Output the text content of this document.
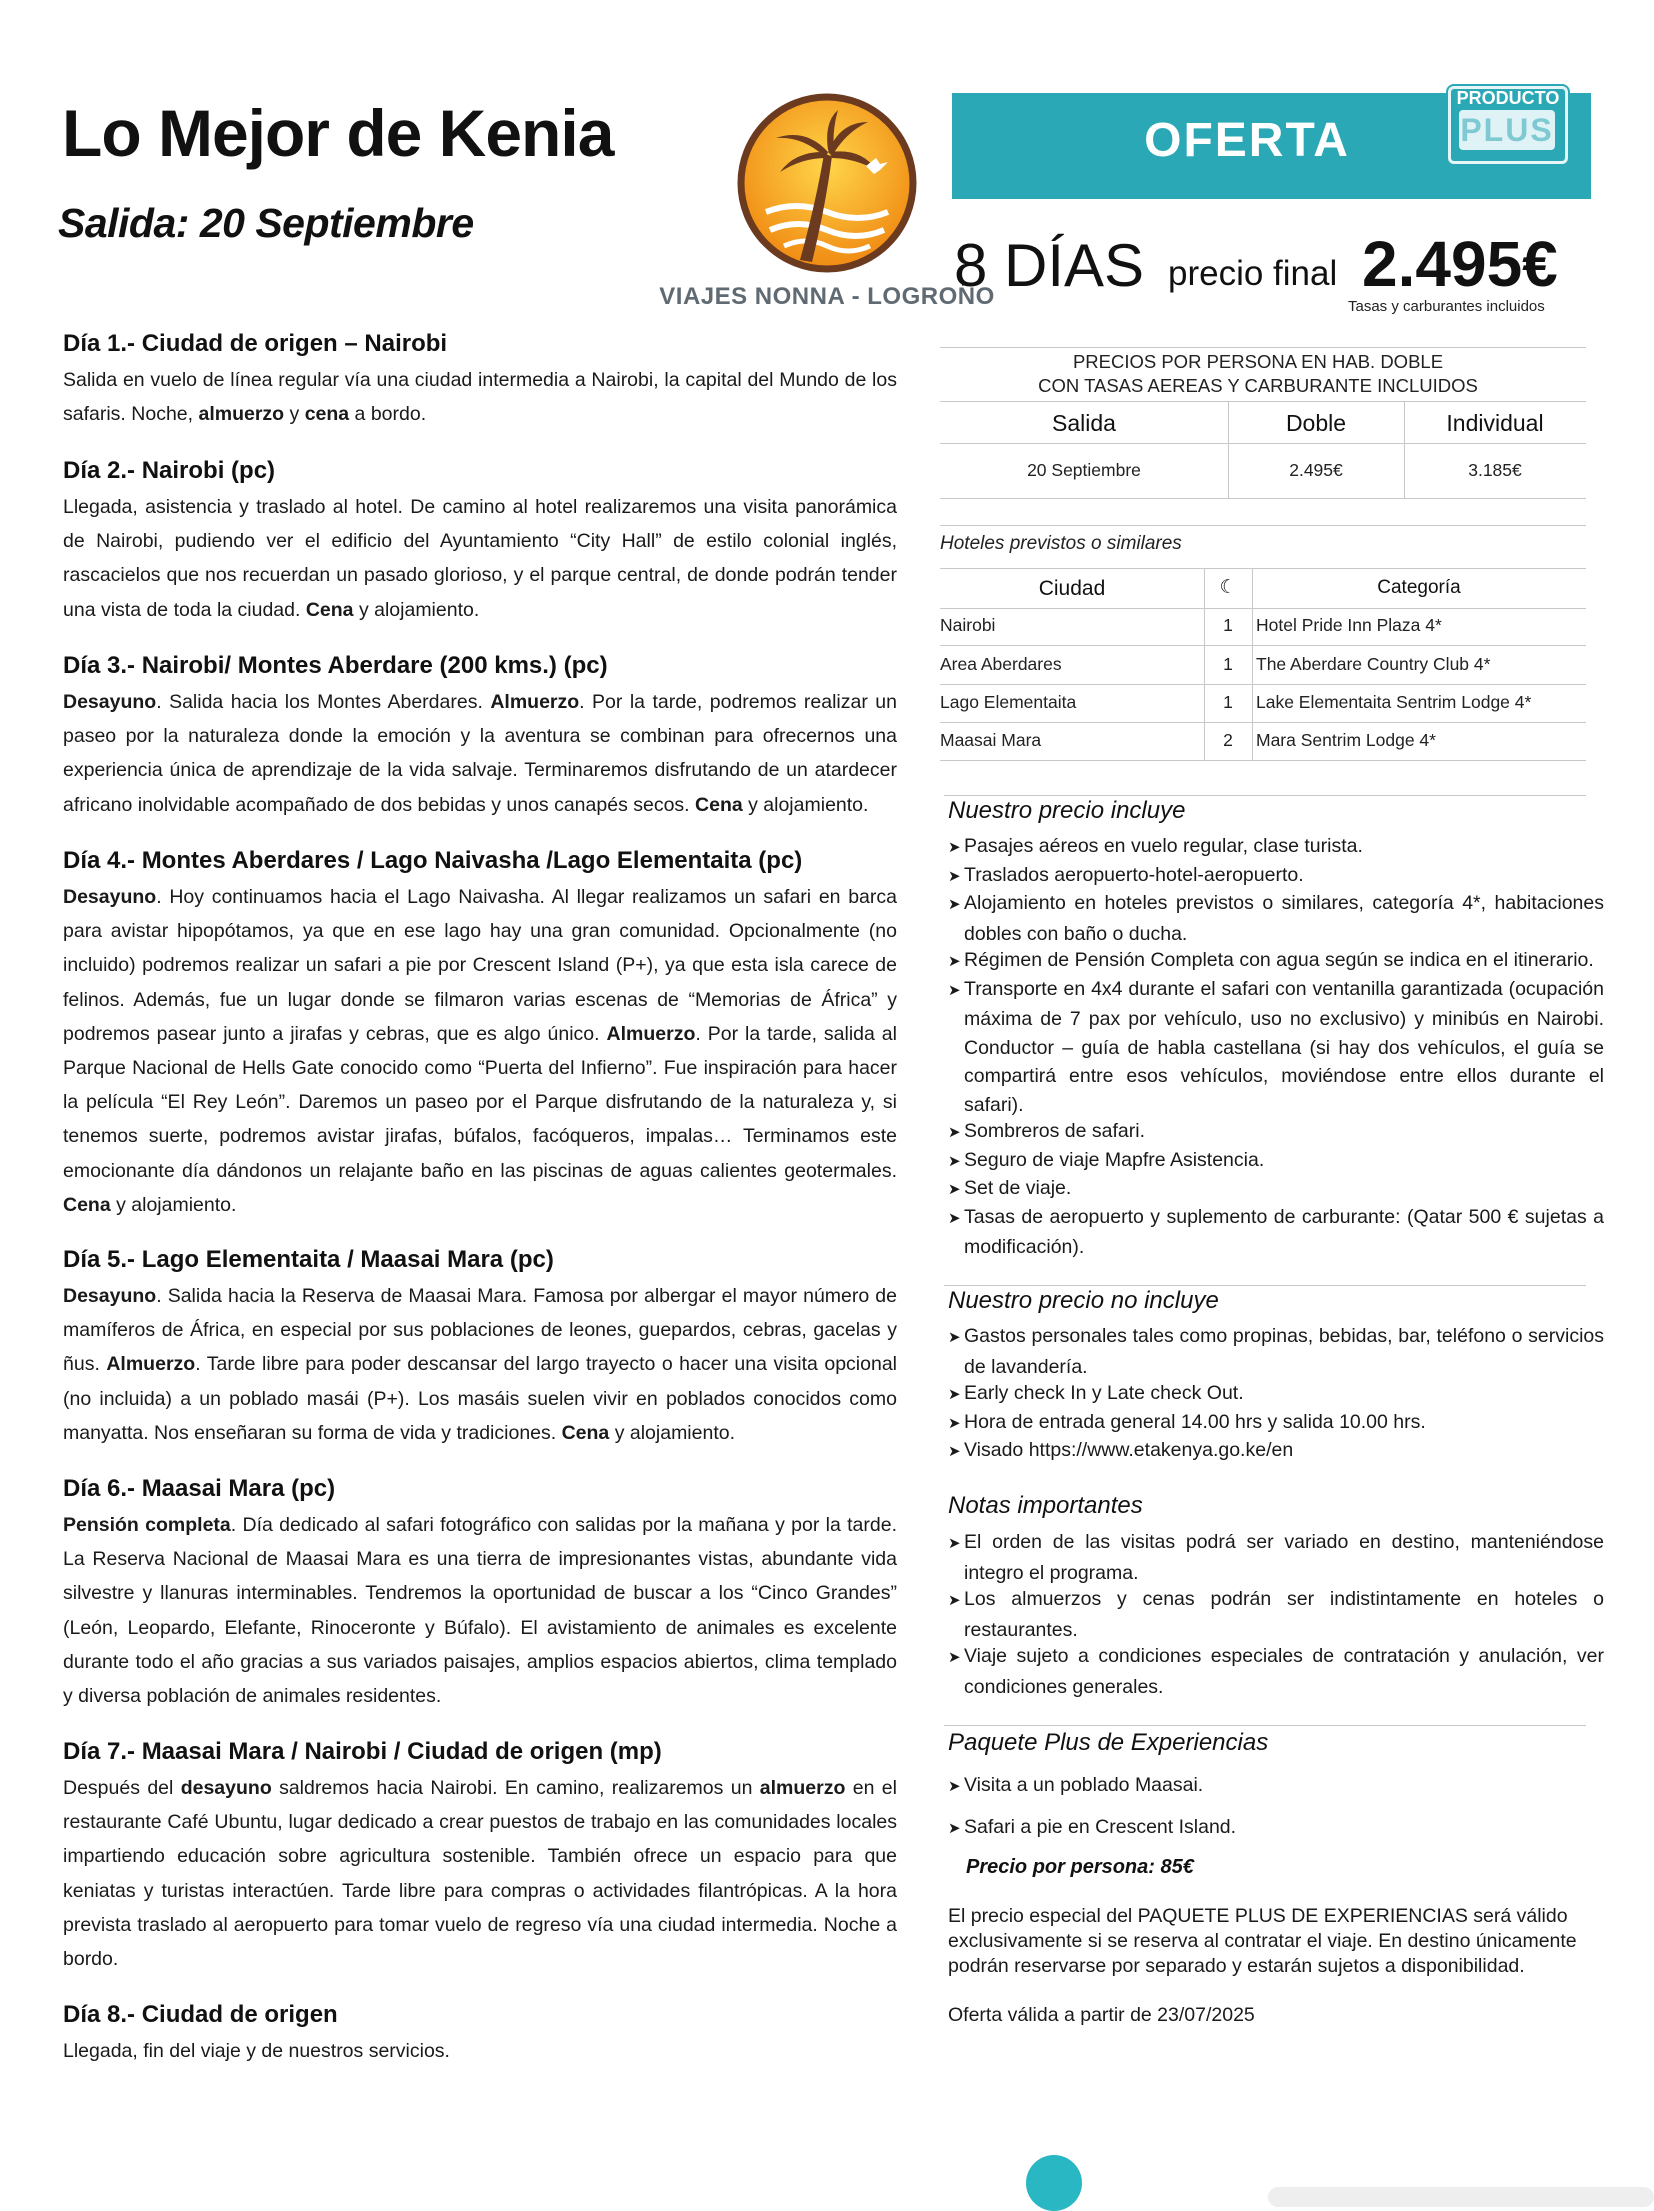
Lo Mejor de Kenia
Salida: 20 Septiembre
VIAJES NONNA - LOGROÑO
OFERTA
PRODUCTO
PLUS
8 DÍAS precio final 2.495€
Tasas y carburantes incluidos
PRECIOS POR PERSONA EN HAB. DOBLE
CON TASAS AEREAS Y CARBURANTE INCLUIDOS
Salida	Doble	Individual
20 Septiembre	2.495€	3.185€
Hoteles previstos o similares
Ciudad	☾	Categoría
Nairobi	1	Hotel Pride Inn Plaza 4*
Area Aberdares	1	The Aberdare Country Club 4*
Lago Elementaita	1	Lake Elementaita Sentrim Lodge 4*
Maasai Mara	2	Mara Sentrim Lodge 4*
Nuestro precio incluye
➤ Pasajes aéreos en vuelo regular, clase turista.
➤ Traslados aeropuerto-hotel-aeropuerto.
➤ Alojamiento en hoteles previstos o similares, categoría 4*, habitaciones dobles con baño o ducha.
➤ Régimen de Pensión Completa con agua según se indica en el itinerario.
➤ Transporte en 4x4 durante el safari con ventanilla garantizada (ocupación máxima de 7 pax por vehículo, uso no exclusivo) y minibús en Nairobi. Conductor – guía de habla castellana (si hay dos vehículos, el guía se compartirá entre esos vehículos, moviéndose entre ellos durante el safari).
➤ Sombreros de safari.
➤ Seguro de viaje Mapfre Asistencia.
➤ Set de viaje.
➤ Tasas de aeropuerto y suplemento de carburante: (Qatar 500 € sujetas a modificación).
Nuestro precio no incluye
➤ Gastos personales tales como propinas, bebidas, bar, teléfono o servicios de lavandería.
➤ Early check In y Late check Out.
➤ Hora de entrada general 14.00 hrs y salida 10.00 hrs.
➤ Visado https://www.etakenya.go.ke/en
Notas importantes
➤ El orden de las visitas podrá ser variado en destino, manteniéndose integro el programa.
➤ Los almuerzos y cenas podrán ser indistintamente en hoteles o restaurantes.
➤ Viaje sujeto a condiciones especiales de contratación y anulación, ver condiciones generales.
Paquete Plus de Experiencias
➤ Visita a un poblado Maasai.
➤ Safari a pie en Crescent Island.
Precio por persona: 85€
El precio especial del PAQUETE PLUS DE EXPERIENCIAS será válido exclusivamente si se reserva al contratar el viaje. En destino únicamente podrán reservarse por separado y estarán sujetos a disponibilidad.
Oferta válida a partir de 23/07/2025
Día 1.- Ciudad de origen – Nairobi
Salida en vuelo de línea regular vía una ciudad intermedia a Nairobi, la capital del Mundo de los safaris. Noche, almuerzo y cena a bordo.
Día 2.- Nairobi (pc)
Llegada, asistencia y traslado al hotel. De camino al hotel realizaremos una visita panorámica de Nairobi, pudiendo ver el edificio del Ayuntamiento “City Hall” de estilo colonial inglés, rascacielos que nos recuerdan un pasado glorioso, y el parque central, de donde podrán tender una vista de toda la ciudad. Cena y alojamiento.
Día 3.- Nairobi/ Montes Aberdare (200 kms.) (pc)
Desayuno. Salida hacia los Montes Aberdares. Almuerzo. Por la tarde, podremos realizar un paseo por la naturaleza donde la emoción y la aventura se combinan para ofrecernos una experiencia única de aprendizaje de la vida salvaje. Terminaremos disfrutando de un atardecer africano inolvidable acompañado de dos bebidas y unos canapés secos. Cena y alojamiento.
Día 4.- Montes Aberdares / Lago Naivasha /Lago Elementaita (pc)
Desayuno. Hoy continuamos hacia el Lago Naivasha. Al llegar realizamos un safari en barca para avistar hipopótamos, ya que en ese lago hay una gran comunidad. Opcionalmente (no incluido) podremos realizar un safari a pie por Crescent Island (P+), ya que esta isla carece de felinos. Además, fue un lugar donde se filmaron varias escenas de “Memorias de África” y podremos pasear junto a jirafas y cebras, que es algo único. Almuerzo. Por la tarde, salida al Parque Nacional de Hells Gate conocido como “Puerta del Infierno”. Fue inspiración para hacer la película “El Rey León”. Daremos un paseo por el Parque disfrutando de la naturaleza y, si tenemos suerte, podremos avistar jirafas, búfalos, facóqueros, impalas… Terminamos este emocionante día dándonos un relajante baño en las piscinas de aguas calientes geotermales. Cena y alojamiento.
Día 5.- Lago Elementaita / Maasai Mara (pc)
Desayuno. Salida hacia la Reserva de Maasai Mara. Famosa por albergar el mayor número de mamíferos de África, en especial por sus poblaciones de leones, guepardos, cebras, gacelas y ñus. Almuerzo. Tarde libre para poder descansar del largo trayecto o hacer una visita opcional (no incluida) a un poblado masái (P+). Los masáis suelen vivir en poblados conocidos como manyatta. Nos enseñaran su forma de vida y tradiciones. Cena y alojamiento.
Día 6.- Maasai Mara (pc)
Pensión completa. Día dedicado al safari fotográfico con salidas por la mañana y por la tarde. La Reserva Nacional de Maasai Mara es una tierra de impresionantes vistas, abundante vida silvestre y llanuras interminables. Tendremos la oportunidad de buscar a los “Cinco Grandes” (León, Leopardo, Elefante, Rinoceronte y Búfalo). El avistamiento de animales es excelente durante todo el año gracias a sus variados paisajes, amplios espacios abiertos, clima templado y diversa población de animales residentes.
Día 7.- Maasai Mara / Nairobi / Ciudad de origen (mp)
Después del desayuno saldremos hacia Nairobi. En camino, realizaremos un almuerzo en el restaurante Café Ubuntu, lugar dedicado a crear puestos de trabajo en las comunidades locales impartiendo educación sobre agricultura sostenible. También ofrece un espacio para que keniatas y turistas interactúen. Tarde libre para compras o actividades filantrópicas. A la hora prevista traslado al aeropuerto para tomar vuelo de regreso vía una ciudad intermedia. Noche a bordo.
Día 8.- Ciudad de origen
Llegada, fin del viaje y de nuestros servicios.
